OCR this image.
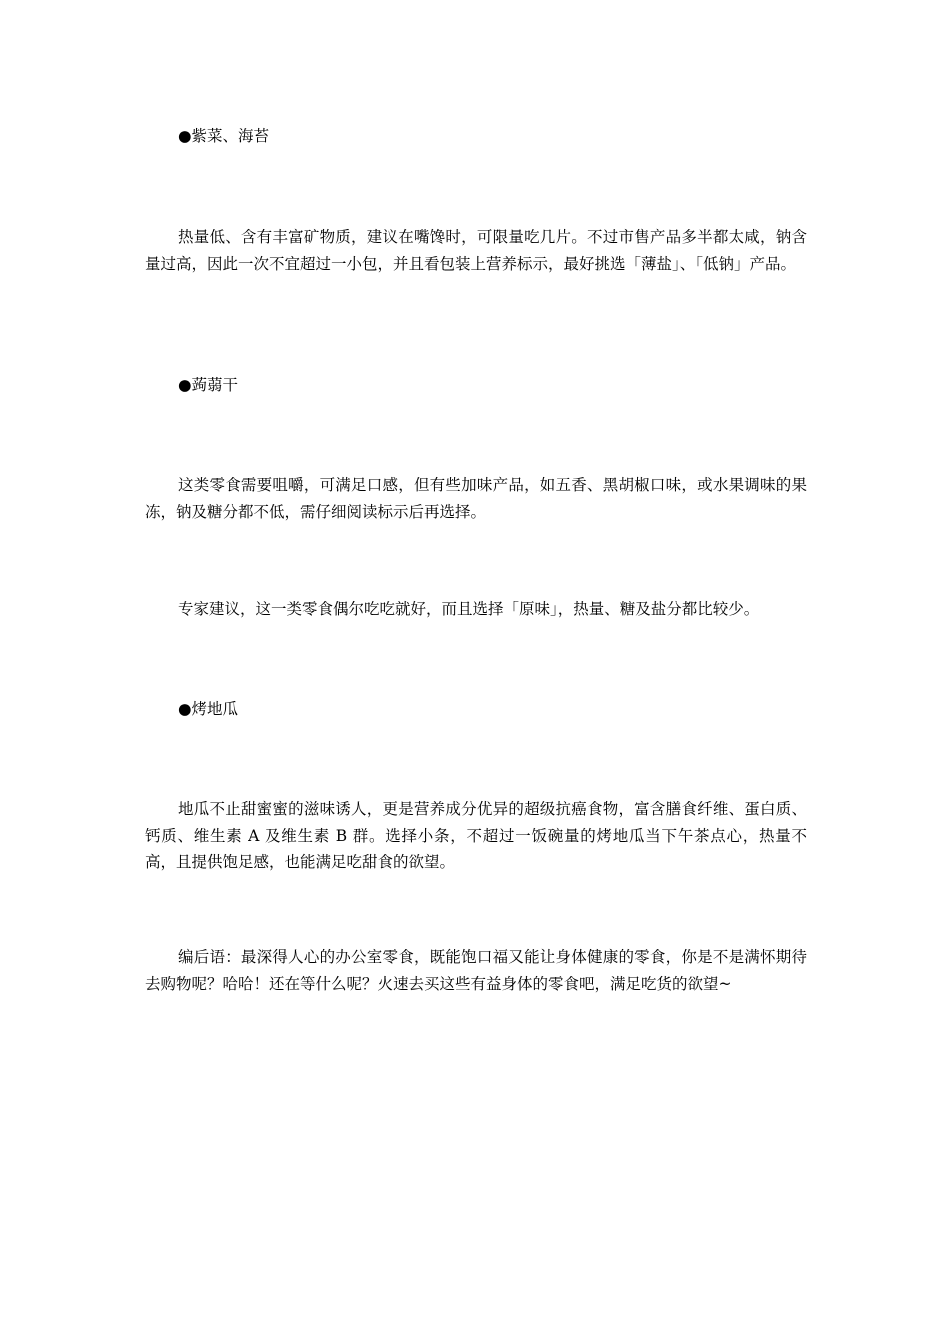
●紫菜、海苔

热量低、含有丰富矿物质，建议在嘴馋时，可限量吃几片。不过市售产品多半都太咸，钠含量过高，因此一次不宜超过一小包，并且看包装上营养标示，最好挑选「薄盐」、「低钠」产品。

●蒟蒻干

这类零食需要咀嚼，可满足口感，但有些加味产品，如五香、黑胡椒口味，或水果调味的果冻，钠及糖分都不低，需仔细阅读标示后再选择。

专家建议，这一类零食偶尔吃吃就好，而且选择「原味」，热量、糖及盐分都比较少。

●烤地瓜

地瓜不止甜蜜蜜的滋味诱人，更是营养成分优异的超级抗癌食物，富含膳食纤维、蛋白质、钙质、维生素 A 及维生素 B 群。选择小条，不超过一饭碗量的烤地瓜当下午茶点心，热量不高，且提供饱足感，也能满足吃甜食的欲望。

编后语：最深得人心的办公室零食，既能饱口福又能让身体健康的零食，你是不是满怀期待去购物呢？哈哈！还在等什么呢？火速去买这些有益身体的零食吧，满足吃货的欲望~
